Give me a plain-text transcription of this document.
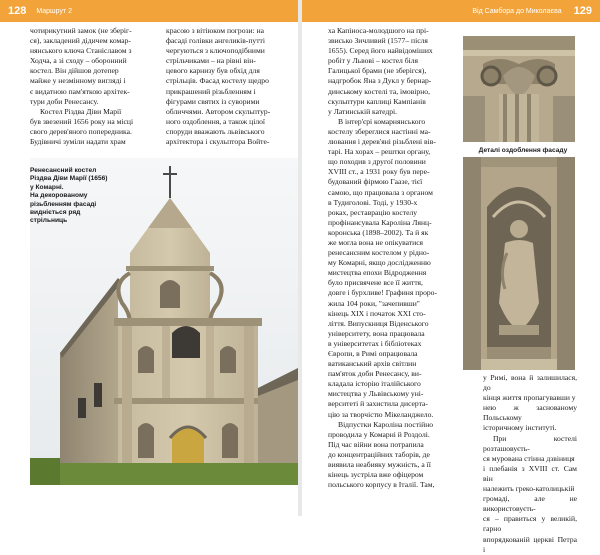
128	Маршрут 2	Від Самбора до Миколаєва	129

чотирикутний замок (не зберіг-

ся), закладений дідичем комар-

нянського ключа Станіславом з

Ходча, а зі сходу – оборонний

костел. Він дійшов дотепер

майже у незмінному вигляді і

є видатною пам'яткою архітек-

тури доби Ренесансу.

Костел Різдва Діви Марії

був звезений 1656 року на місці

свого дерев'яного попередника.

Будівничі зуміли надати храм

красою з вітіюком погрози: на

фасаді голівки ангеликів-путті

чергуються з ключоподібними

стрільчиками – на рівні він-

цевого карнизу був обхід для

стрільців. Фасад костелу щедро

прикрашений різьбленням і

фігурами святих із суворими

обличчями. Автором скульптур-

ного оздоблення, а також цілої

споруди вважають львівського

архітектора і скульптора Войте-

Ренесансний костел
Різдва Діви Марії (1656)
у Комарні.
На декорованому
різьбленням фасаді
видніється ряд
стрільниць

ха Капіноса-молодшого на прі-

звисько Зичливий (1577– після

1655). Серед його найвідоміших

робіт у Львові – костел біля

Галицької брами (не зберігся),

надгробок Яна з Дукл у бернар-

динському костелі та, імовірно,

скульптури каплиці Кампіанів

у Латинській катедрі.

В інтер'єрі комарнянського

костелу збереглися настінні ма-

лювання і дерев'яні різьблені вів-

тарі. На хорах – рештки органу,

що походив з другої половини

XVIII ст., а 1931 року був пере-

будований фірмою Гаазе, тієї

самою, що працювала з органом

в Тудиголові. Тоді, у 1930-х

роках, реставрацію костелу

профінансувала Кароліна Лянц-

коронська (1898–2002). Та й як

же могла вона не опікуватися

ренесансним костелом у рідно-

му Комарні, якщо дослідженню

мистецтва епохи Відродження

було присвячене все її життя,

довге і бурхливе! Графиня проро-

жила 104 роки, "зачепивши"

кінець XIX і початок XXI сто-

ліття. Випускниця Віденського

університету, вона працювала

в університетах і бібліотеках

Європи, в Римі опрацювала

ватиканський архів світлин

пам'яток доби Ренесансу, ви-

кладала історію італійського

мистецтва у Львівському уні-

верситеті й захистила дисерта-

цію за творчістю Мікеланджело.

Відпустки Кароліна постійно

проводила у Комарні й Роздолі.

Під час війни вона потрапила

до концентраційних таборів, де

виявила неабияку мужність, а її

кінець зустріла вже офіцером

польського корпусу в Італії. Там,

Деталі оздоблення фасаду

у Римі, вона й залишилася, до

кінця життя пропагувавши у

нею ж заснованому Польському

історичному інституті.

При костелі розташовуєть-

ся мурована стінна дзвіниця

і плебанія з XVIII ст. Сам він

належить греко-католицькій

громаді, але не використовуєть-

ся – правиться у великій, гарно

впорядкованій церкві Петра і
